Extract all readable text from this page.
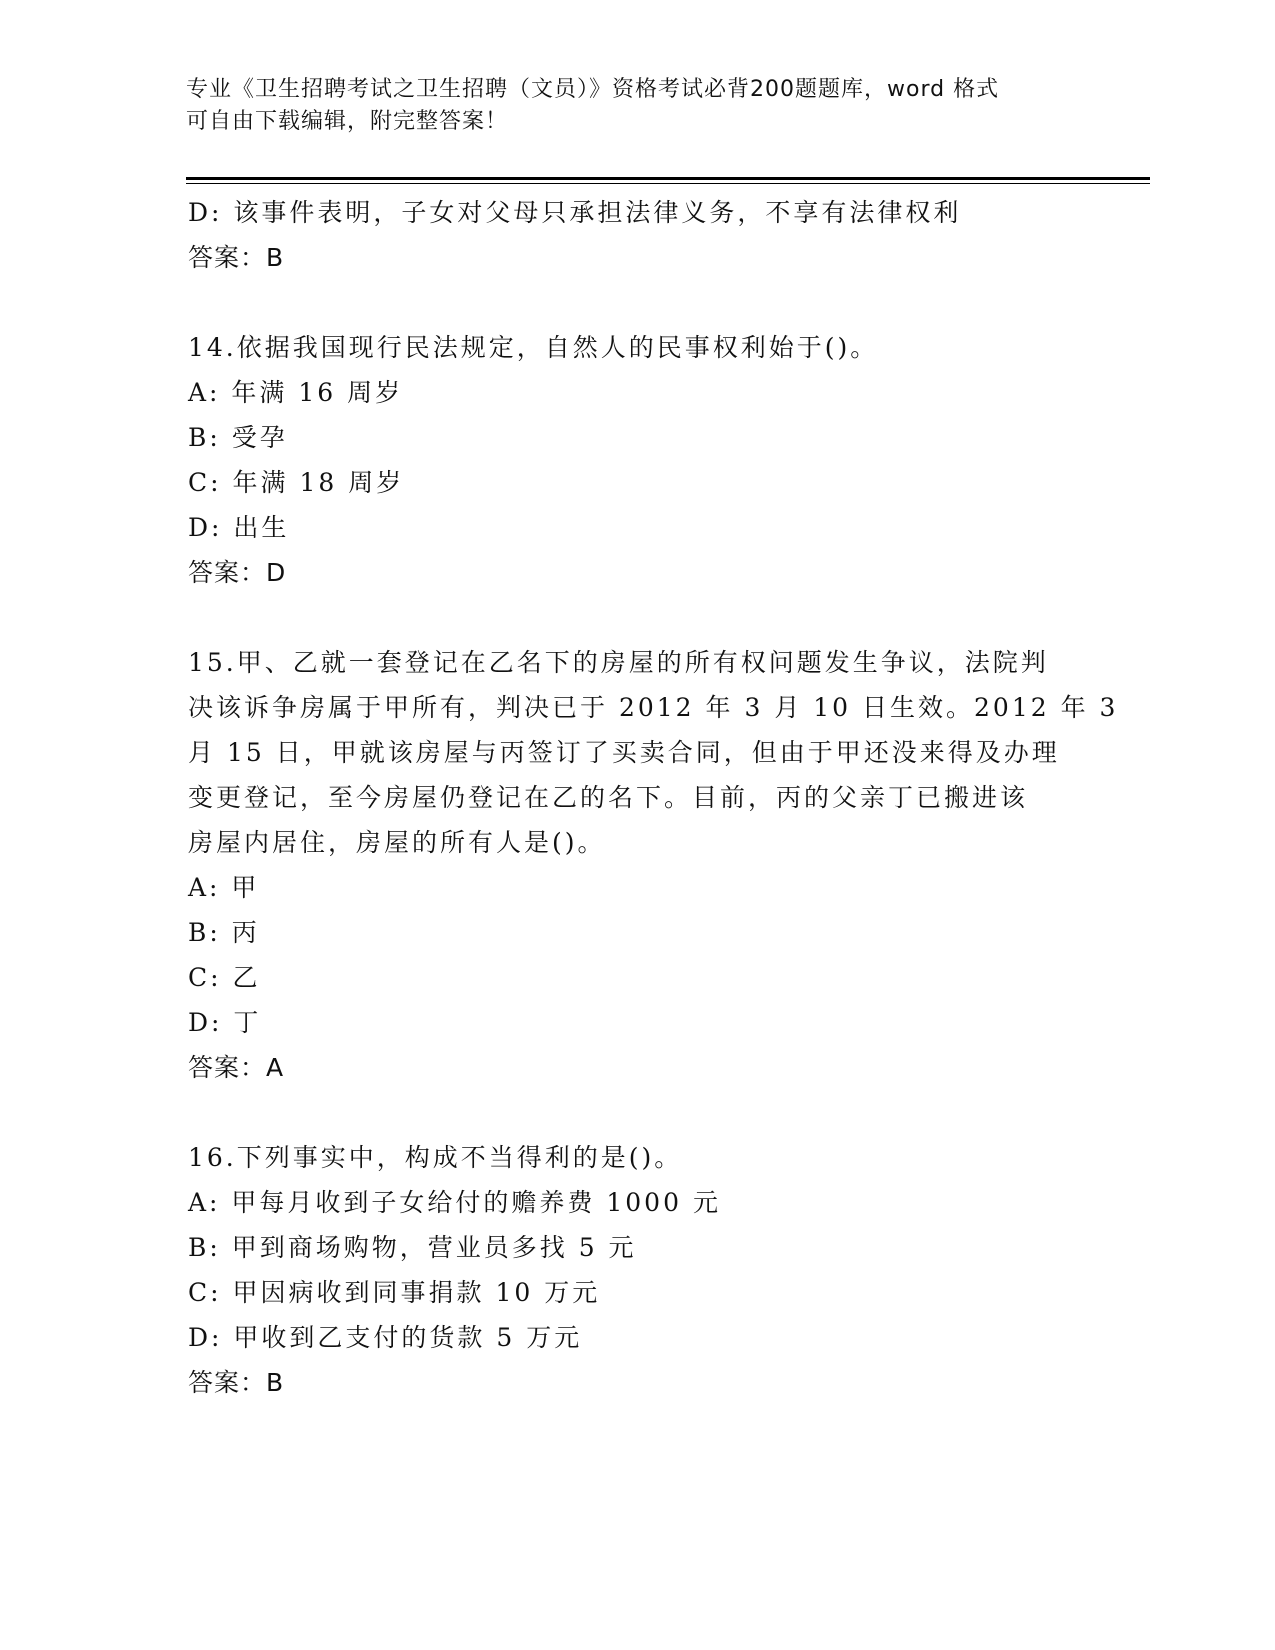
专业《卫生招聘考试之卫生招聘（文员）》资格考试必背200题题库，word 格式
可自由下载编辑，附完整答案！
D: 该事件表明，子女对父母只承担法律义务，不享有法律权利
答案：B
14.依据我国现行民法规定，自然人的民事权利始于()。
A: 年满 16 周岁
B: 受孕
C: 年满 18 周岁
D: 出生
答案：D
15.甲、乙就一套登记在乙名下的房屋的所有权问题发生争议，法院判
决该诉争房属于甲所有，判决已于 2012 年 3 月 10 日生效。2012 年 3
月 15 日，甲就该房屋与丙签订了买卖合同，但由于甲还没来得及办理
变更登记，至今房屋仍登记在乙的名下。目前，丙的父亲丁已搬进该
房屋内居住，房屋的所有人是()。
A: 甲
B: 丙
C: 乙
D: 丁
答案：A
16.下列事实中，构成不当得利的是()。
A: 甲每月收到子女给付的赡养费 1000 元
B: 甲到商场购物，营业员多找 5 元
C: 甲因病收到同事捐款 10 万元
D: 甲收到乙支付的货款 5 万元
答案：B
